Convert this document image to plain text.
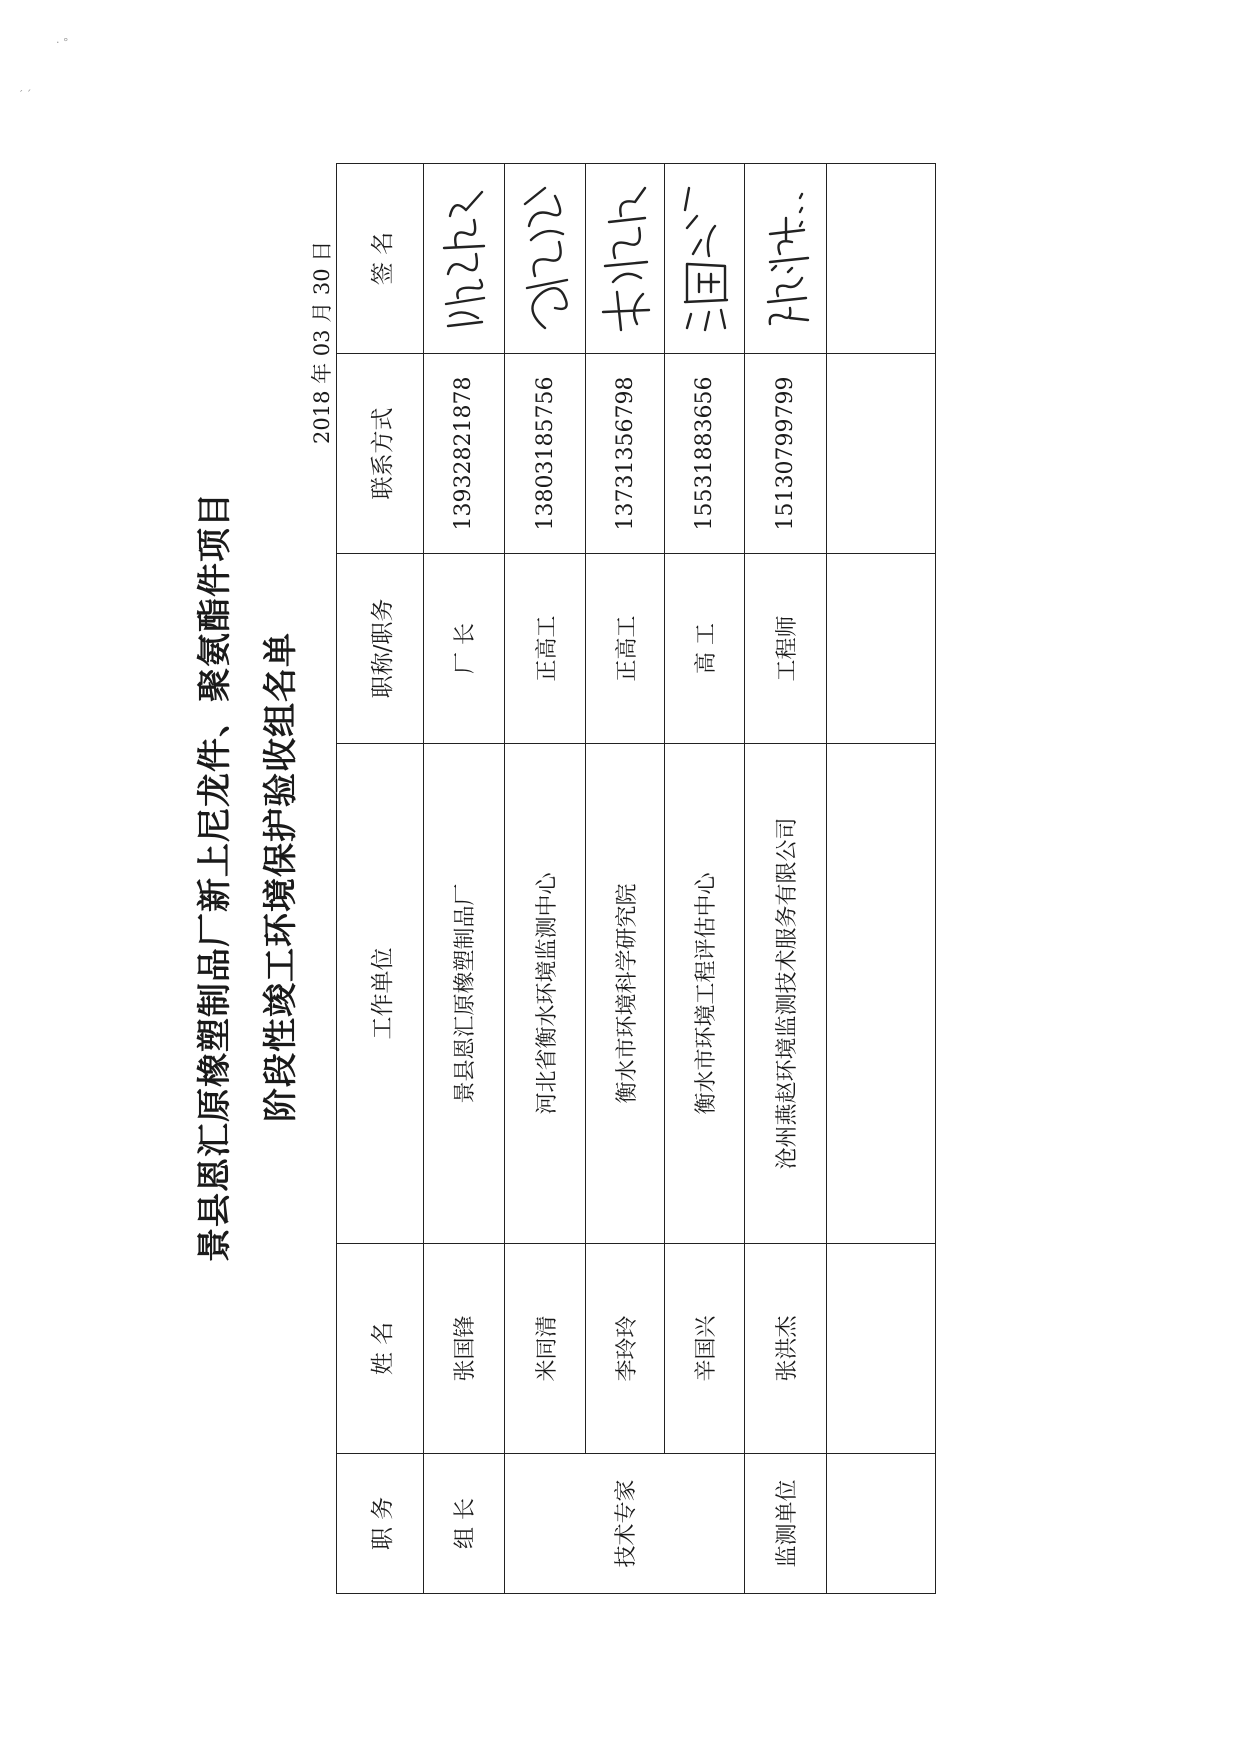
· °
′ ˊ
景县恩汇原橡塑制品厂新上尼龙件、聚氨酯件项目 阶段性竣工环境保护验收组名单
2018 年 03 月 30 日
职 务	姓 名	工作单位	职称/职务	联系方式	签 名
组 长	张国锋	景县恩汇原橡塑制品厂	厂 长	13932821878	

技术专家	米同清	河北省衡水环境监测中心	正高工	13803185756	

	李玲玲	衡水市环境科学研究院	正高工	13731356798	

	辛国兴	衡水市环境工程评估中心	高 工	15531883656	

监测单位	张洪杰	沧州燕赵环境监测技术服务有限公司	工程师	15130799799	
